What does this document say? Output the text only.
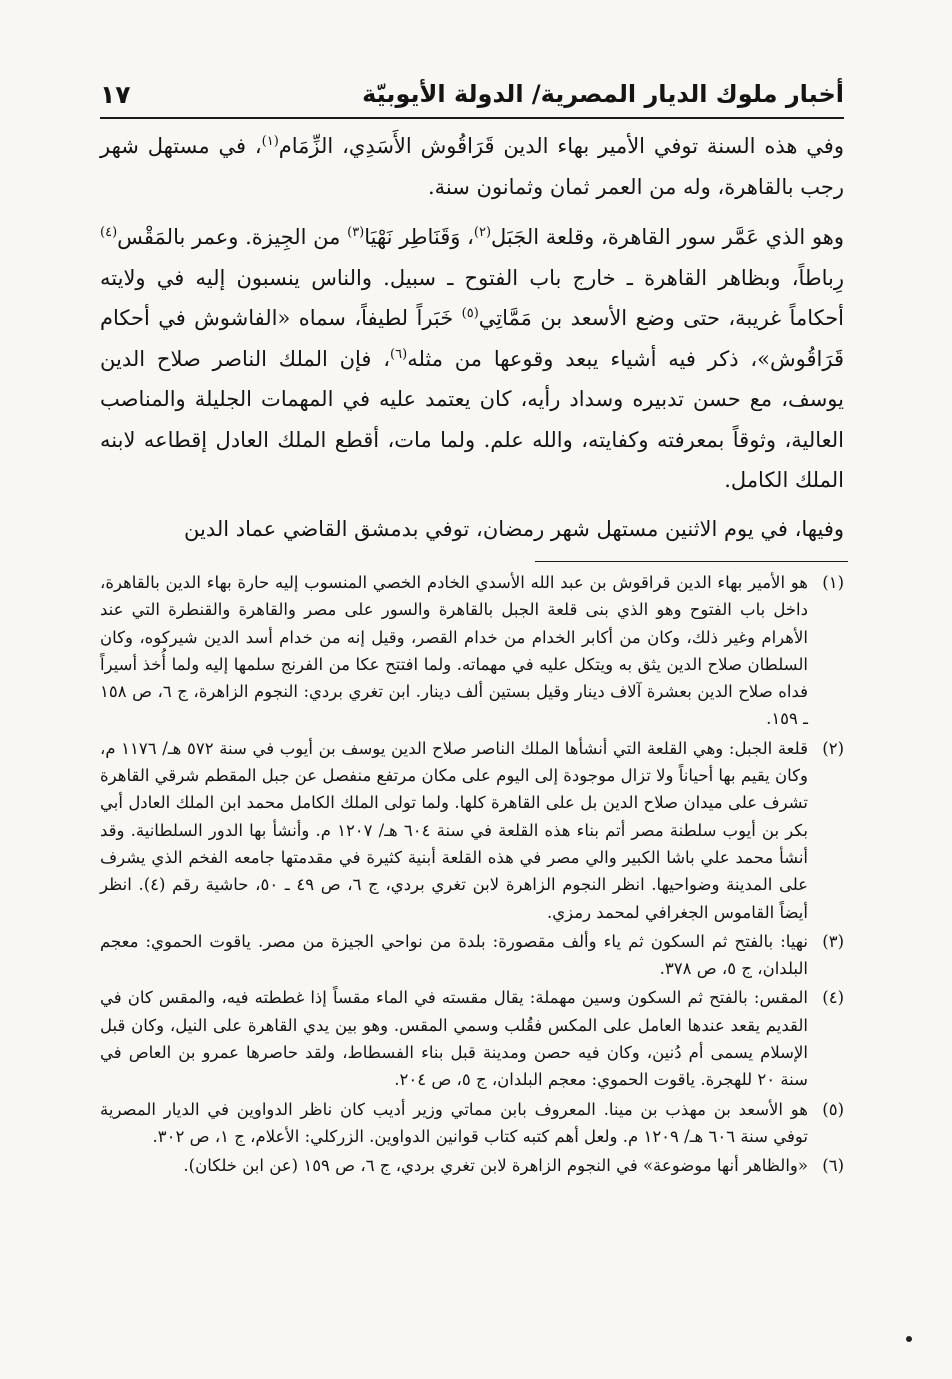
أخبار ملوك الديار المصرية/ الدولة الأيوبيّة
١٧

وفي هذه السنة توفي الأمير بهاء الدين قَرَاقُوش الأَسَدِي، الزِّمَام$^{(١)}$، في مستهل شهر رجب بالقاهرة، وله من العمر ثمان وثمانون سنة.

وهو الذي عَمَّر سور القاهرة، وقلعة الجَبَل$^{(٢)}$، وَقَنَاطِر نَهْيَا$^{(٣)}$ من الجِيزة. وعمر بالمَقْس$^{(٤)}$ رِباطاً، وبظاهر القاهرة ـ خارج باب الفتوح ـ سبيل. والناس ينسبون إليه في ولايته أحكاماً غريبة، حتى وضع الأسعد بن مَمَّاتِي$^{(٥)}$ خَبَراً لطيفاً، سماه «الفاشوش في أحكام قَرَاقُوش»، ذكر فيه أشياء يبعد وقوعها من مثله$^{(٦)}$، فإن الملك الناصر صلاح الدين يوسف، مع حسن تدبيره وسداد رأيه، كان يعتمد عليه في المهمات الجليلة والمناصب العالية، وثوقاً بمعرفته وكفايته، والله علم. ولما مات، أقطع الملك العادل إقطاعه لابنه الملك الكامل.

وفيها، في يوم الاثنين مستهل شهر رمضان، توفي بدمشق القاضي عماد الدين

(١)
هو الأمير بهاء الدين قراقوش بن عبد الله الأسدي الخادم الخصي المنسوب إليه حارة بهاء الدين بالقاهرة، داخل باب الفتوح وهو الذي بنى قلعة الجبل بالقاهرة والسور على مصر والقاهرة والقنطرة التي عند الأهرام وغير ذلك، وكان من أكابر الخدام من خدام القصر، وقيل إنه من خدام أسد الدين شيركوه، وكان السلطان صلاح الدين يثق به ويتكل عليه في مهماته. ولما افتتح عكا من الفرنج سلمها إليه ولما أُخذ أسيراً فداه صلاح الدين بعشرة آلاف دينار وقيل بستين ألف دينار. ابن تغري بردي: النجوم الزاهرة، ج ٦، ص ١٥٨ ـ ١٥٩.
(٢)
قلعة الجبل: وهي القلعة التي أنشأها الملك الناصر صلاح الدين يوسف بن أيوب في سنة ٥٧٢ هـ/ ١١٧٦ م، وكان يقيم بها أحياناً ولا تزال موجودة إلى اليوم على مكان مرتفع منفصل عن جبل المقطم شرقي القاهرة تشرف على ميدان صلاح الدين بل على القاهرة كلها. ولما تولى الملك الكامل محمد ابن الملك العادل أبي بكر بن أيوب سلطنة مصر أتم بناء هذه القلعة في سنة ٦٠٤ هـ/ ١٢٠٧ م. وأنشأ بها الدور السلطانية. وقد أنشأ محمد علي باشا الكبير والي مصر في هذه القلعة أبنية كثيرة في مقدمتها جامعه الفخم الذي يشرف على المدينة وضواحيها. انظر النجوم الزاهرة لابن تغري بردي، ج ٦، ص ٤٩ ـ ٥٠، حاشية رقم (٤). انظر أيضاً القاموس الجغرافي لمحمد رمزي.
(٣)
نهيا: بالفتح ثم السكون ثم ياء وألف مقصورة: بلدة من نواحي الجيزة من مصر. ياقوت الحموي: معجم البلدان، ج ٥، ص ٣٧٨.
(٤)
المقس: بالفتح ثم السكون وسين مهملة: يقال مقسته في الماء مقساً إذا غططته فيه، والمقس كان في القديم يقعد عندها العامل على المكس فقُلب وسمي المقس. وهو بين يدي القاهرة على النيل، وكان قبل الإسلام يسمى أم دُنين، وكان فيه حصن ومدينة قبل بناء الفسطاط، ولقد حاصرها عمرو بن العاص في سنة ٢٠ للهجرة. ياقوت الحموي: معجم البلدان، ج ٥، ص ٢٠٤.
(٥)
هو الأسعد بن مهذب بن مينا. المعروف بابن مماتي وزير أديب كان ناظر الدواوين في الديار المصرية توفي سنة ٦٠٦ هـ/ ١٢٠٩ م. ولعل أهم كتبه كتاب قوانين الدواوين. الزركلي: الأعلام، ج ١، ص ٣٠٢.
(٦)
«والظاهر أنها موضوعة» في النجوم الزاهرة لابن تغري بردي، ج ٦، ص ١٥٩ (عن ابن خلكان).
